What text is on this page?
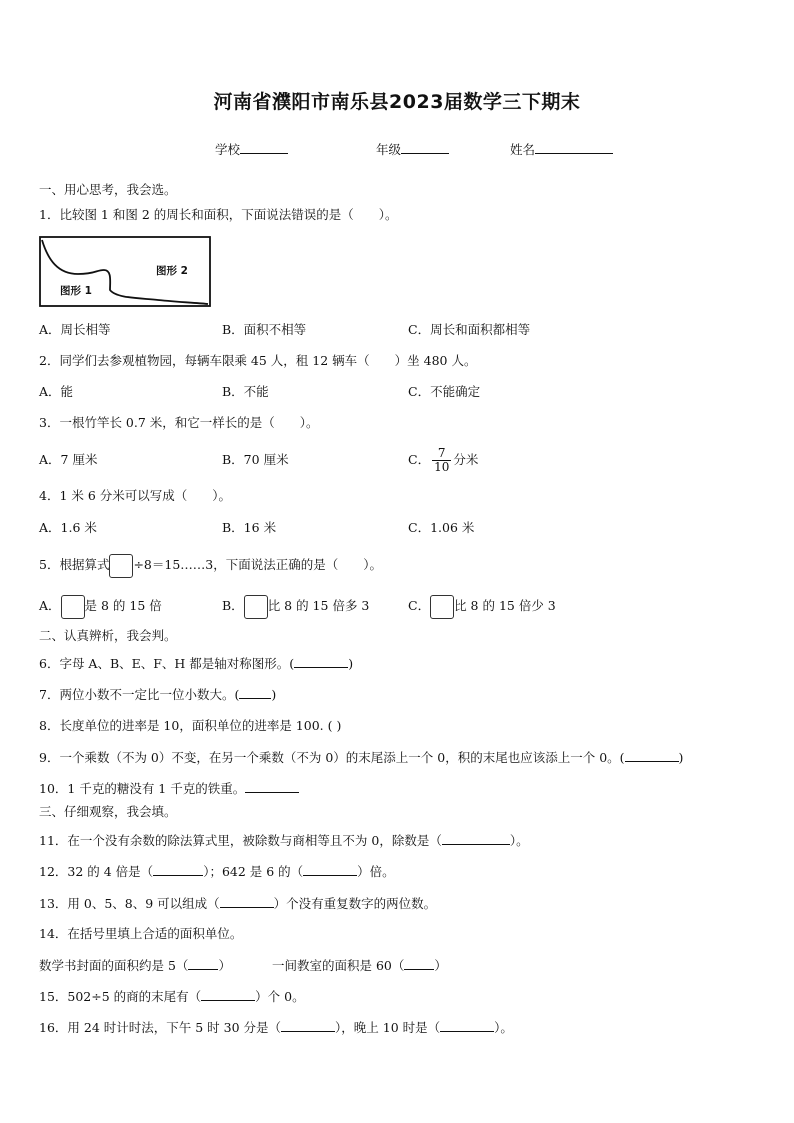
河南省濮阳市南乐县2023届数学三下期末
学校	年级	姓名
一、用心思考，我会选。
1．比较图 1 和图 2 的周长和面积，下面说法错误的是（　　）。
图形 1
图形 2
A．周长相等	B．面积不相等	C．周长和面积都相等
2．同学们去参观植物园，每辆车限乘 45 人，租 12 辆车（　　）坐 480 人。
A．能	B．不能	C．不能确定
3．一根竹竿长 0.7 米，和它一样长的是（　　）。
A．7 厘米	B．70 厘米	C． $\frac{7}{10}$ 分米
4．1 米 6 分米可以写成（　　）。
A．1.6 米	B．16 米	C．1.06 米
5．根据算式 ÷8＝15……3，下面说法正确的是（　　）。
A． 是 8 的 15 倍	B． 比 8 的 15 倍多 3	C． 比 8 的 15 倍少 3
二、认真辨析，我会判。
6．字母 A、B、E、F、H 都是轴对称图形。(	)
7．两位小数不一定比一位小数大。(	)
8．长度单位的进率是 10，面积单位的进率是 100. ( )
9．一个乘数（不为 0）不变，在另一个乘数（不为 0）的末尾添上一个 0，积的末尾也应该添上一个 0。(	)
10．1 千克的糖没有 1 千克的铁重。
三、仔细观察，我会填。
11．在一个没有余数的除法算式里，被除数与商相等且不为 0，除数是（	）。
12．32 的 4 倍是（	）；642 是 6 的（	）倍。
13．用 0、5、8、9 可以组成（	）个没有重复数字的两位数。
14．在括号里填上合适的面积单位。
数学书封面的面积约是 5（ ）	一间教室的面积是 60（ ）
15．502÷5 的商的末尾有（	）个 0。
16．用 24 时计时法，下午 5 时 30 分是（	），晚上 10 时是（	）。
